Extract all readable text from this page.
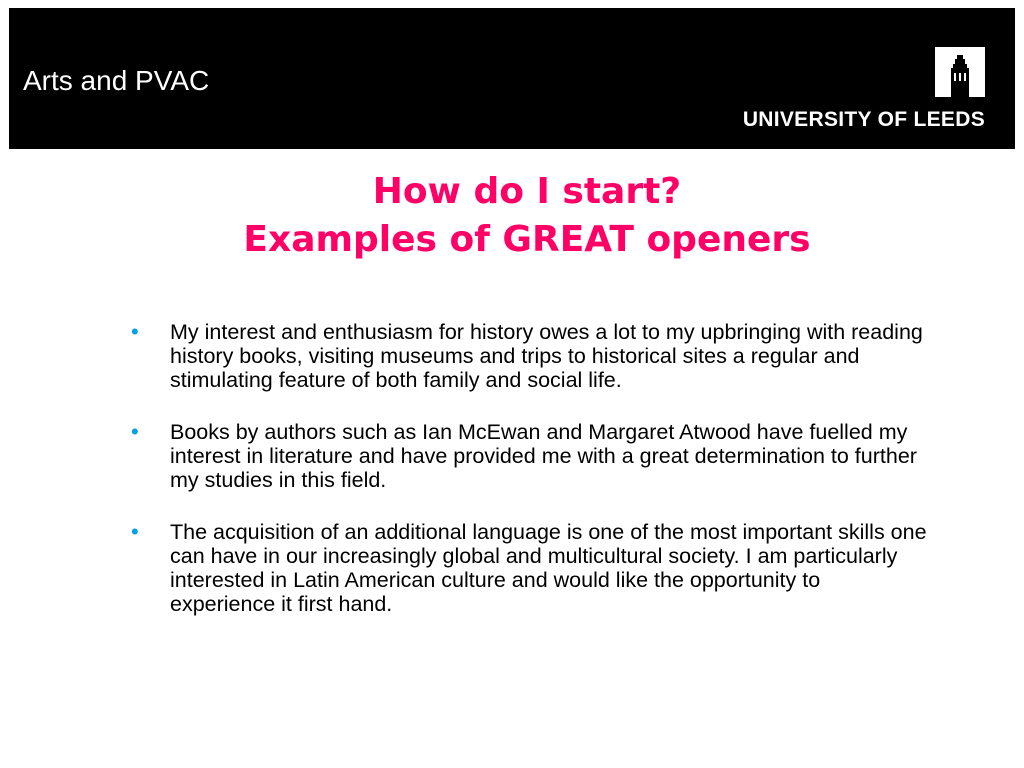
Arts and PVAC
UNIVERSITY OF LEEDS
How do I start?
Examples of GREAT openers
• My interest and enthusiasm for history owes a lot to my upbringing with reading history books, visiting museums and trips to historical sites a regular and stimulating feature of both family and social life.
• Books by authors such as Ian McEwan and Margaret Atwood have fuelled my interest in literature and have provided me with a great determination to further my studies in this field.
• The acquisition of an additional language is one of the most important skills one can have in our increasingly global and multicultural society. I am particularly interested in Latin American culture and would like the opportunity to experience it first hand.
